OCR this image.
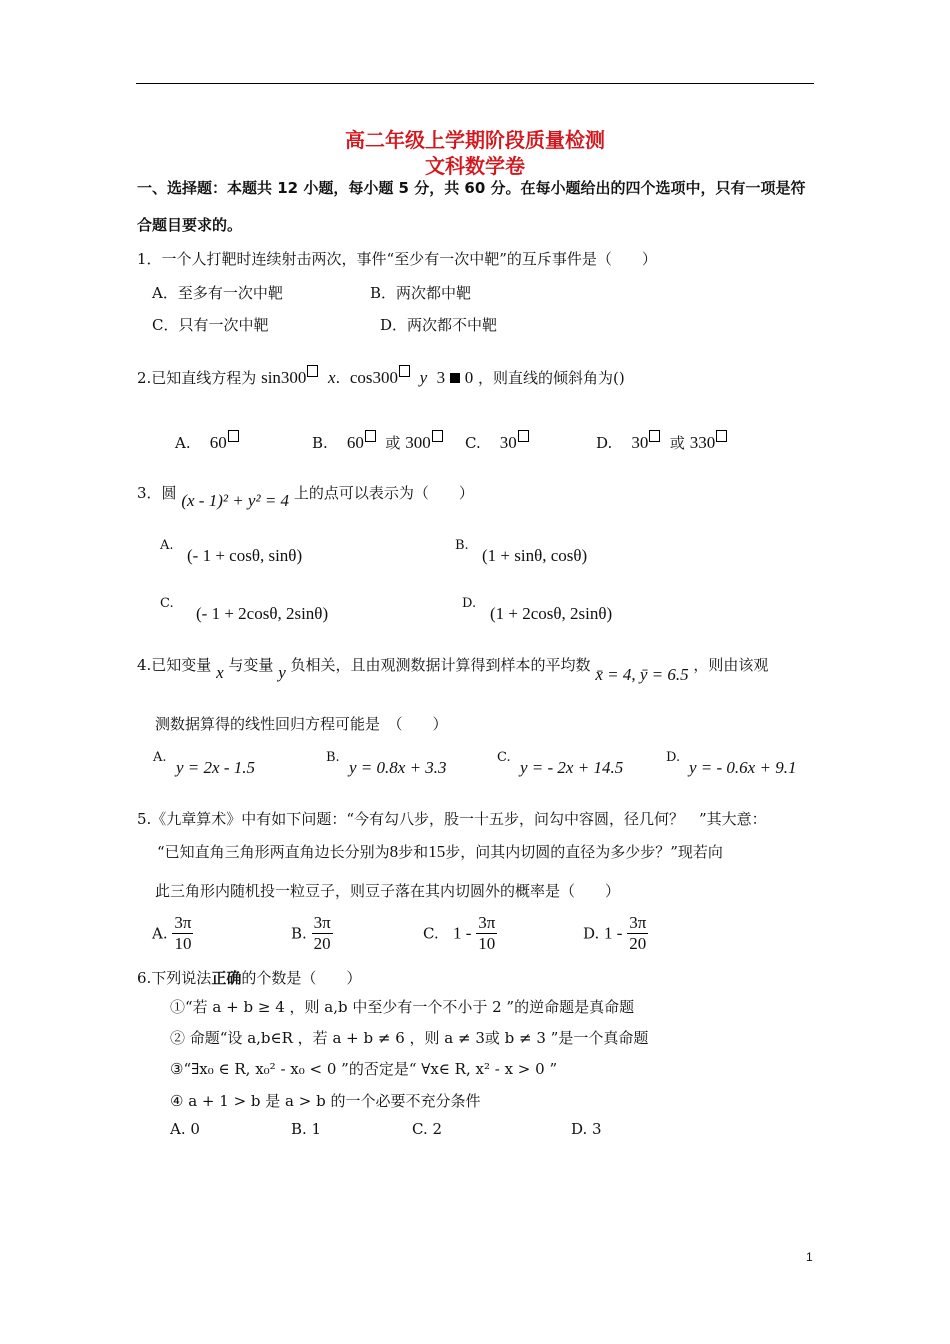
高二年级上学期阶段质量检测
文科数学卷
一、选择题：本题共 12 小题，每小题 5 分，共 60 分。在每小题给出的四个选项中，只有一项是符
合题目要求的。
1．一个人打靶时连续射击两次，事件“至少有一次中靶”的互斥事件是（　　）
A．至多有一次中靶	B．两次都中靶
C．只有一次中靶	D．两次都不中靶
2.已知直线方程为 sin300 x.  cos300 y 3 0 ，则直线的倾斜角为()
A. 60	B. 60 或 300	C. 30	D. 30 或 330
3．圆 (x - 1)² + y² = 4 上的点可以表示为（　　）
A.
(- 1 + cosθ, sinθ)
B.
(1 + sinθ, cosθ)
C.
(- 1 + 2cosθ, 2sinθ)
D.
(1 + 2cosθ, 2sinθ)
4.已知变量 x 与变量 y 负相关，且由观测数据计算得到样本的平均数 x̄ = 4, ȳ = 6.5 ，则由该观
测数据算得的线性回归方程可能是　（　　）
A.
y = 2x - 1.5
B.
y = 0.8x + 3.3
C.
y = - 2x + 14.5
D.
y = - 0.6x + 9.1
5.《九章算术》中有如下问题：“今有勾八步，股一十五步，问勾中容圆，径几何？　”其大意：
“已知直角三角形两直角边长分别为8步和15步，问其内切圆的直径为多少步？”现若向
此三角形内随机投一粒豆子，则豆子落在其内切圆外的概率是（　　）
A. $\frac{3\pi}{10}$	B. $\frac{3\pi}{20}$	C. $1 - \frac{3\pi}{10}$	D. $1 - \frac{3\pi}{20}$
6.下列说法正确的个数是（　　）
①“若 a + b ≥ 4 ，则 a,b 中至少有一个不小于 2 ”的逆命题是真命题
② 命题“设 a,b∈R ，若 a + b ≠ 6 ，则 a ≠ 3或 b ≠ 3 ”是一个真命题
③“∃x₀ ∈ R, x₀² - x₀ < 0 ”的否定是“ ∀x∈ R, x² - x > 0 ”
④ a + 1 > b 是 a > b 的一个必要不充分条件
A. 0	B. 1	C. 2	D. 3
1
